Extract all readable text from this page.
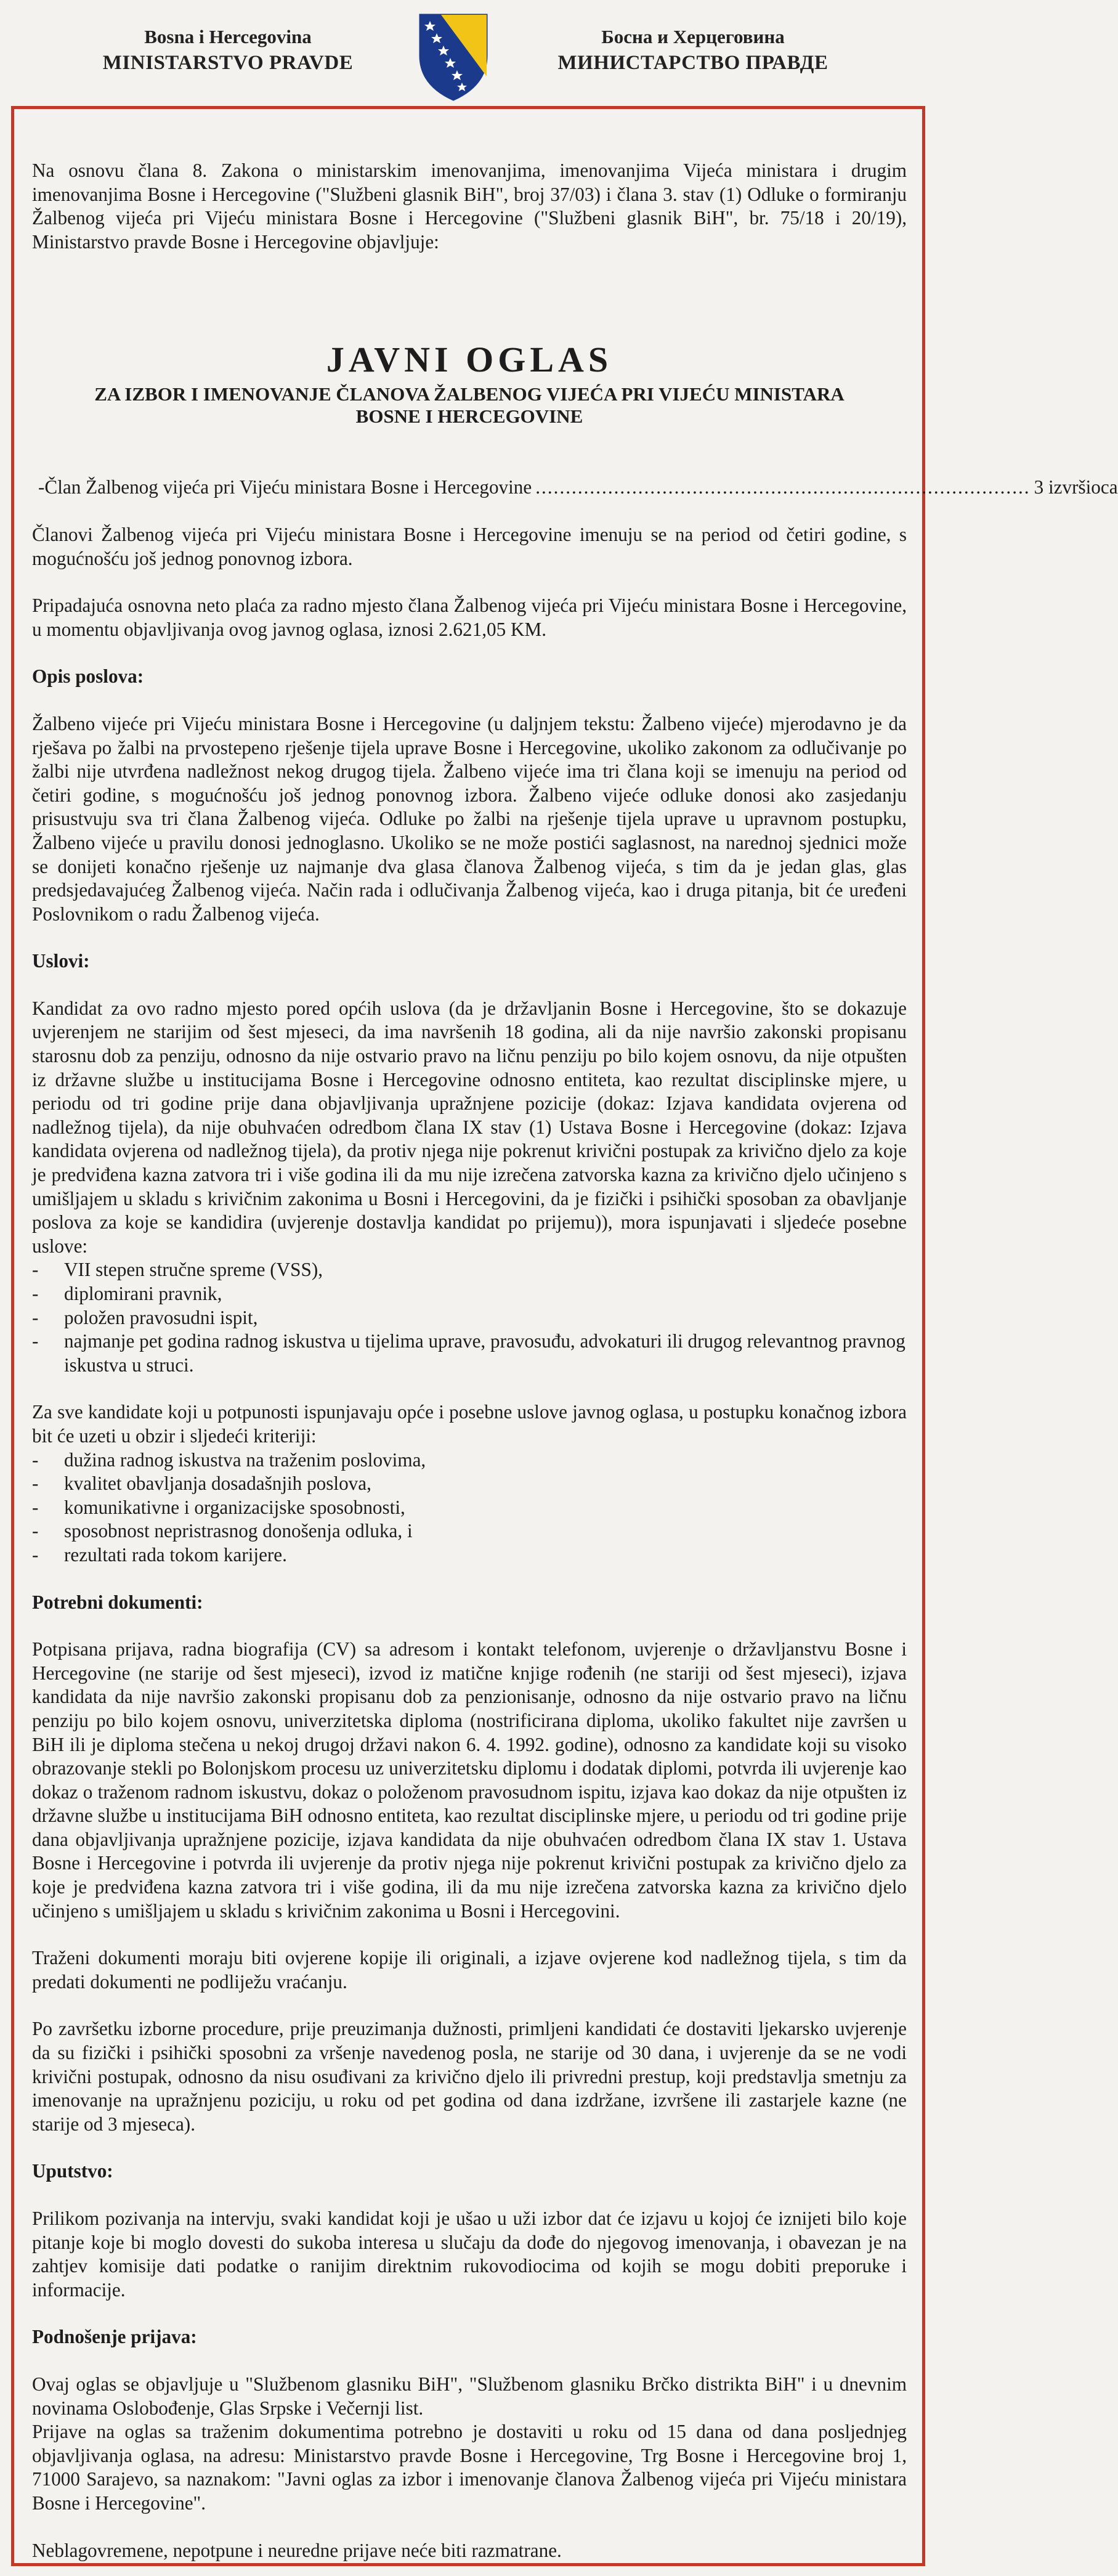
Bosna i Hercegovina
MINISTARSTVO PRAVDE
Босна и Херцеговина
МИНИСТАРСТВО ПРАВДЕ

Na osnovu člana 8. Zakona o ministarskim imenovanjima, imenovanjima Vijeća ministara i drugim imenovanjima Bosne i Hercegovine ("Službeni glasnik BiH", broj 37/03) i člana 3. stav (1) Odluke o formiranju Žalbenog vijeća pri Vijeću ministara Bosne i Hercegovine ("Službeni glasnik BiH", br. 75/18 i 20/19), Ministarstvo pravde Bosne i Hercegovine objavljuje:

JAVNI OGLAS
ZA IZBOR I IMENOVANJE ČLANOVA ŽALBENOG VIJEĆA PRI VIJEĆU MINISTARA
BOSNE I HERCEGOVINE
- Član Žalbenog vijeća pri Vijeću ministara Bosne i Hercegovine .................................................................................. 3 izvršioca

Članovi Žalbenog vijeća pri Vijeću ministara Bosne i Hercegovine imenuju se na period od četiri godine, s mogućnošću još jednog ponovnog izbora.

Pripadajuća osnovna neto plaća za radno mjesto člana Žalbenog vijeća pri Vijeću ministara Bosne i Hercegovine, u momentu objavljivanja ovog javnog oglasa, iznosi 2.621,05 KM.

Opis poslova:

Žalbeno vijeće pri Vijeću ministara Bosne i Hercegovine (u daljnjem tekstu: Žalbeno vijeće) mjerodavno je da rješava po žalbi na prvostepeno rješenje tijela uprave Bosne i Hercegovine, ukoliko zakonom za odlučivanje po žalbi nije utvrđena nadležnost nekog drugog tijela. Žalbeno vijeće ima tri člana koji se imenuju na period od četiri godine, s mogućnošću još jednog ponovnog izbora. Žalbeno vijeće odluke donosi ako zasjedanju prisustvuju sva tri člana Žalbenog vijeća. Odluke po žalbi na rješenje tijela uprave u upravnom postupku, Žalbeno vijeće u pravilu donosi jednoglasno. Ukoliko se ne može postići saglasnost, na narednoj sjednici može se donijeti konačno rješenje uz najmanje dva glasa članova Žalbenog vijeća, s tim da je jedan glas, glas predsjedavajućeg Žalbenog vijeća. Način rada i odlučivanja Žalbenog vijeća, kao i druga pitanja, bit će uređeni Poslovnikom o radu Žalbenog vijeća.

Uslovi:

Kandidat za ovo radno mjesto pored općih uslova (da je državljanin Bosne i Hercegovine, što se dokazuje uvjerenjem ne starijim od šest mjeseci, da ima navršenih 18 godina, ali da nije navršio zakonski propisanu starosnu dob za penziju, odnosno da nije ostvario pravo na ličnu penziju po bilo kojem osnovu, da nije otpušten iz državne službe u institucijama Bosne i Hercegovine odnosno entiteta, kao rezultat disciplinske mjere, u periodu od tri godine prije dana objavljivanja upražnjene pozicije (dokaz: Izjava kandidata ovjerena od nadležnog tijela), da nije obuhvaćen odredbom člana IX stav (1) Ustava Bosne i Hercegovine (dokaz: Izjava kandidata ovjerena od nadležnog tijela), da protiv njega nije pokrenut krivični postupak za krivično djelo za koje je predviđena kazna zatvora tri i više godina ili da mu nije izrečena zatvorska kazna za krivično djelo učinjeno s umišljajem u skladu s krivičnim zakonima u Bosni i Hercegovini, da je fizički i psihički sposoban za obavljanje poslova za koje se kandidira (uvjerenje dostavlja kandidat po prijemu)), mora ispunjavati i sljedeće posebne uslove:

- VII stepen stručne spreme (VSS),
- diplomirani pravnik,
- položen pravosudni ispit,
- najmanje pet godina radnog iskustva u tijelima uprave, pravosuđu, advokaturi ili drugog relevantnog pravnog iskustva u struci.

Za sve kandidate koji u potpunosti ispunjavaju opće i posebne uslove javnog oglasa, u postupku konačnog izbora bit će uzeti u obzir i sljedeći kriteriji:

- dužina radnog iskustva na traženim poslovima,
- kvalitet obavljanja dosadašnjih poslova,
- komunikativne i organizacijske sposobnosti,
- sposobnost nepristrasnog donošenja odluka, i
- rezultati rada tokom karijere.

Potrebni dokumenti:

Potpisana prijava, radna biografija (CV) sa adresom i kontakt telefonom, uvjerenje o državljanstvu Bosne i Hercegovine (ne starije od šest mjeseci), izvod iz matične knjige rođenih (ne stariji od šest mjeseci), izjava kandidata da nije navršio zakonski propisanu dob za penzionisanje, odnosno da nije ostvario pravo na ličnu penziju po bilo kojem osnovu, univerzitetska diploma (nostrificirana diploma, ukoliko fakultet nije završen u BiH ili je diploma stečena u nekoj drugoj državi nakon 6. 4. 1992. godine), odnosno za kandidate koji su visoko obrazovanje stekli po Bolonjskom procesu uz univerzitetsku diplomu i dodatak diplomi, potvrda ili uvjerenje kao dokaz o traženom radnom iskustvu, dokaz o položenom pravosudnom ispitu, izjava kao dokaz da nije otpušten iz državne službe u institucijama BiH odnosno entiteta, kao rezultat disciplinske mjere, u periodu od tri godine prije dana objavljivanja upražnjene pozicije, izjava kandidata da nije obuhvaćen odredbom člana IX stav 1. Ustava Bosne i Hercegovine i potvrda ili uvjerenje da protiv njega nije pokrenut krivični postupak za krivično djelo za koje je predviđena kazna zatvora tri i više godina, ili da mu nije izrečena zatvorska kazna za krivično djelo učinjeno s umišljajem u skladu s krivičnim zakonima u Bosni i Hercegovini.

Traženi dokumenti moraju biti ovjerene kopije ili originali, a izjave ovjerene kod nadležnog tijela, s tim da predati dokumenti ne podliježu vraćanju.

Po završetku izborne procedure, prije preuzimanja dužnosti, primljeni kandidati će dostaviti ljekarsko uvjerenje da su fizički i psihički sposobni za vršenje navedenog posla, ne starije od 30 dana, i uvjerenje da se ne vodi krivični postupak, odnosno da nisu osuđivani za krivično djelo ili privredni prestup, koji predstavlja smetnju za imenovanje na upražnjenu poziciju, u roku od pet godina od dana izdržane, izvršene ili zastarjele kazne (ne starije od 3 mjeseca).

Uputstvo:

Prilikom pozivanja na intervju, svaki kandidat koji je ušao u uži izbor dat će izjavu u kojoj će iznijeti bilo koje pitanje koje bi moglo dovesti do sukoba interesa u slučaju da dođe do njegovog imenovanja, i obavezan je na zahtjev komisije dati podatke o ranijim direktnim rukovodiocima od kojih se mogu dobiti preporuke i informacije.

Podnošenje prijava:

Ovaj oglas se objavljuje u "Službenom glasniku BiH", "Službenom glasniku Brčko distrikta BiH" i u dnevnim novinama Oslobođenje, Glas Srpske i Večernji list.

Prijave na oglas sa traženim dokumentima potrebno je dostaviti u roku od 15 dana od dana posljednjeg objavljivanja oglasa, na adresu: Ministarstvo pravde Bosne i Hercegovine, Trg Bosne i Hercegovine broj 1, 71000 Sarajevo, sa naznakom: "Javni oglas za izbor i imenovanje članova Žalbenog vijeća pri Vijeću ministara Bosne i Hercegovine".

Neblagovremene, nepotpune i neuredne prijave neće biti razmatrane.
